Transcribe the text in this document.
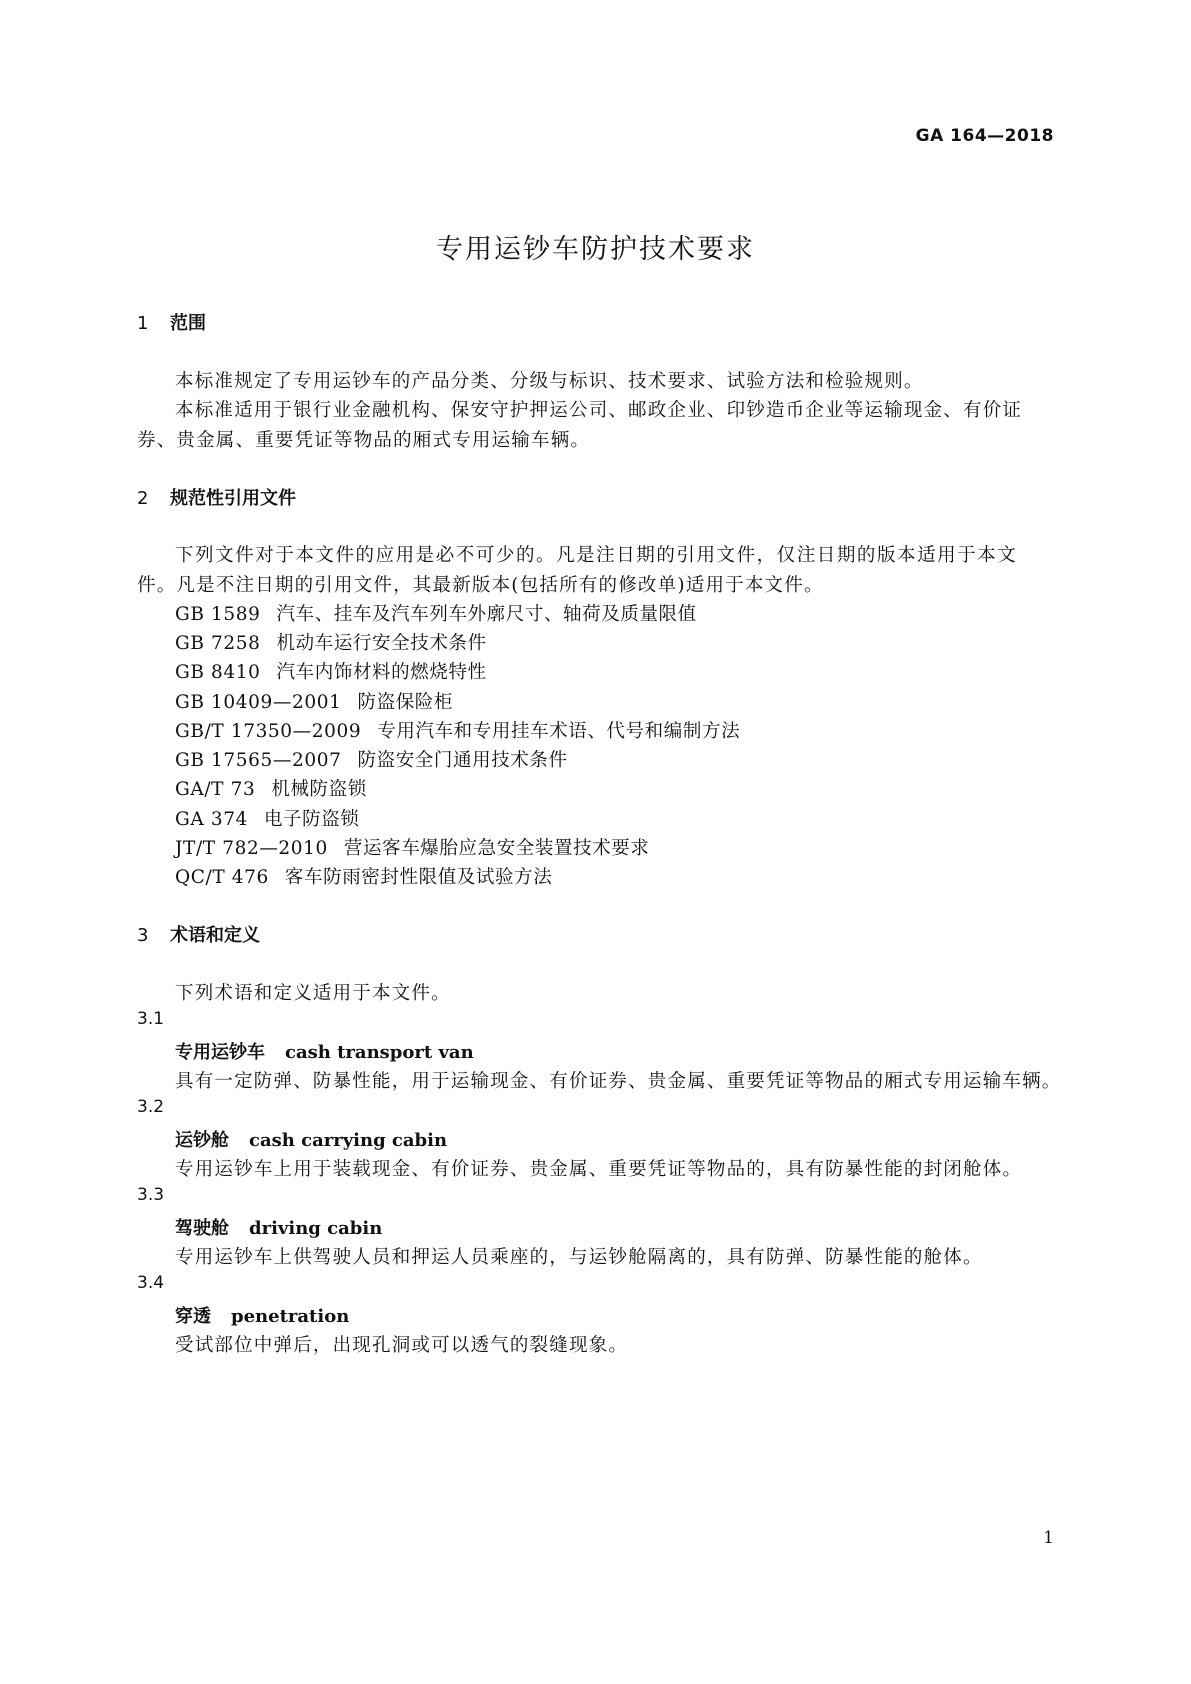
GA 164—2018
专用运钞车防护技术要求
1 范围
本标准规定了专用运钞车的产品分类、分级与标识、技术要求、试验方法和检验规则。
本标准适用于银行业金融机构、保安守护押运公司、邮政企业、印钞造币企业等运输现金、有价证
券、贵金属、重要凭证等物品的厢式专用运输车辆。
2 规范性引用文件
下列文件对于本文件的应用是必不可少的。凡是注日期的引用文件，仅注日期的版本适用于本文
件。凡是不注日期的引用文件，其最新版本(包括所有的修改单)适用于本文件。
GB 1589 汽车、挂车及汽车列车外廓尺寸、轴荷及质量限值
GB 7258 机动车运行安全技术条件
GB 8410 汽车内饰材料的燃烧特性
GB 10409—2001 防盗保险柜
GB/T 17350—2009 专用汽车和专用挂车术语、代号和编制方法
GB 17565—2007 防盗安全门通用技术条件
GA/T 73 机械防盗锁
GA 374 电子防盗锁
JT/T 782—2010 营运客车爆胎应急安全装置技术要求
QC/T 476 客车防雨密封性限值及试验方法
3 术语和定义
下列术语和定义适用于本文件。
3.1
专用运钞车 cash transport van
具有一定防弹、防暴性能，用于运输现金、有价证券、贵金属、重要凭证等物品的厢式专用运输车辆。
3.2
运钞舱 cash carrying cabin
专用运钞车上用于装载现金、有价证券、贵金属、重要凭证等物品的，具有防暴性能的封闭舱体。
3.3
驾驶舱 driving cabin
专用运钞车上供驾驶人员和押运人员乘座的，与运钞舱隔离的，具有防弹、防暴性能的舱体。
3.4
穿透 penetration
受试部位中弹后，出现孔洞或可以透气的裂缝现象。
1
